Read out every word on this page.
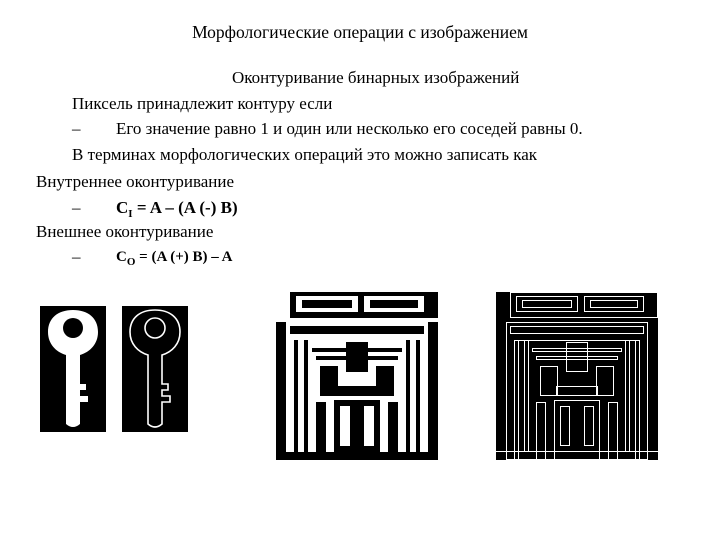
Морфологические операции с изображением
Оконтуривание бинарных изображений
Пиксель принадлежит контуру если
– Его значение равно 1 и один или несколько его соседей равны 0.
В терминах морфологических операций это можно записать как
Внутреннее оконтуривание
– $C_I = A - (A$ (-) B)
Внешнее оконтуривание
– $C_O = (A$ (+) B) – A
